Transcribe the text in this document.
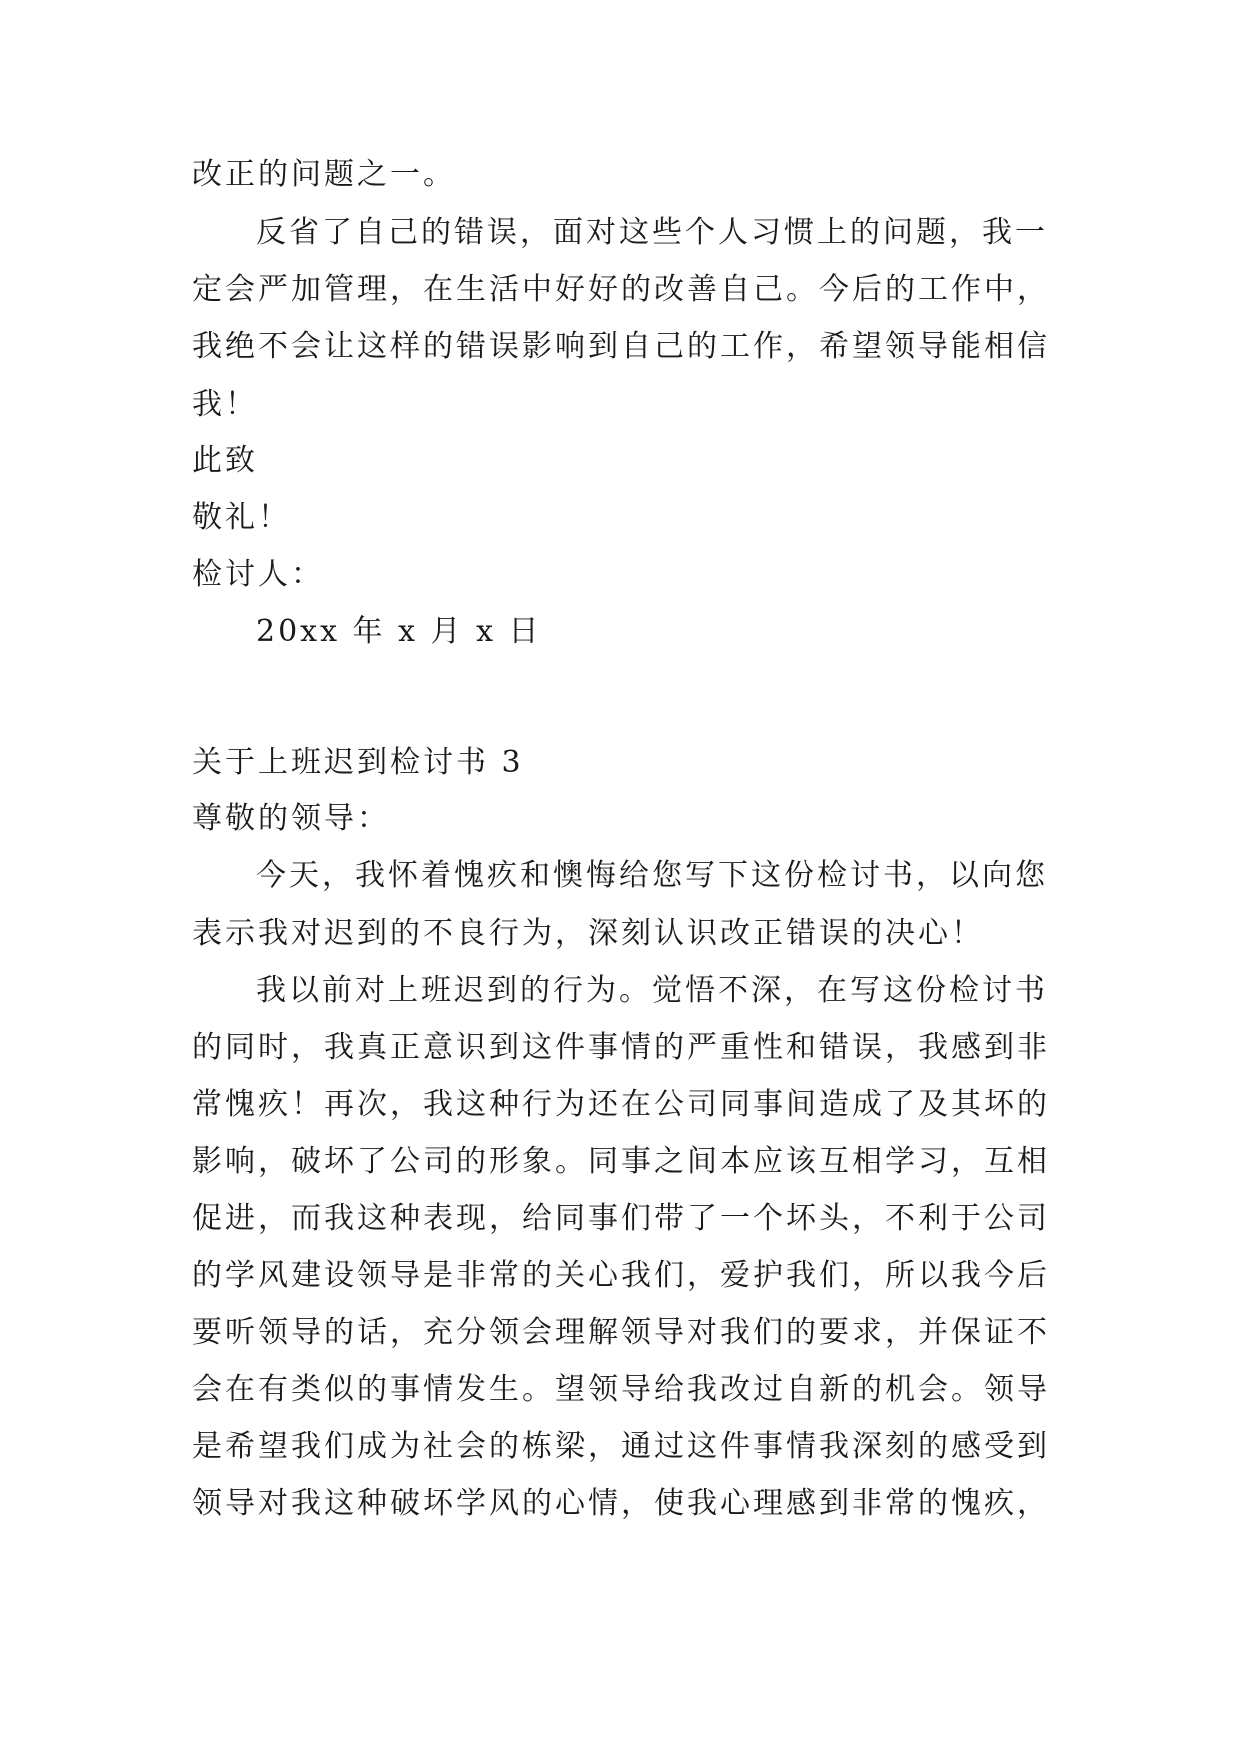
改正的问题之一。
反省了自己的错误，面对这些个人习惯上的问题，我一
定会严加管理，在生活中好好的改善自己。今后的工作中，
我绝不会让这样的错误影响到自己的工作，希望领导能相信
我！
此致
敬礼！
检讨人：
20xx 年 x 月 x 日
关于上班迟到检讨书 3
尊敬的领导：
今天，我怀着愧疚和懊悔给您写下这份检讨书，以向您
表示我对迟到的不良行为，深刻认识改正错误的决心！
我以前对上班迟到的行为。觉悟不深，在写这份检讨书
的同时，我真正意识到这件事情的严重性和错误，我感到非
常愧疚！再次，我这种行为还在公司同事间造成了及其坏的
影响，破坏了公司的形象。同事之间本应该互相学习，互相
促进，而我这种表现，给同事们带了一个坏头，不利于公司
的学风建设领导是非常的关心我们，爱护我们，所以我今后
要听领导的话，充分领会理解领导对我们的要求，并保证不
会在有类似的事情发生。望领导给我改过自新的机会。领导
是希望我们成为社会的栋梁，通过这件事情我深刻的感受到
领导对我这种破坏学风的心情，使我心理感到非常的愧疚，
